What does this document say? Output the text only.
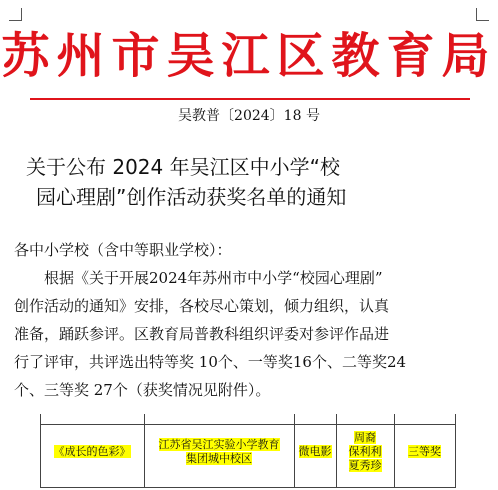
苏州市吴江区教育局
吴教普〔2024〕18 号
关于公布 2024 年吴江区中小学“校
园心理剧”创作活动获奖名单的通知
各中小学校（含中等职业学校）：
根据《关于开展2024年苏州市中小学“校园心理剧”
创作活动的通知》安排，各校尽心策划，倾力组织，认真
准备，踊跃参评。区教育局普教科组织评委对参评作品进
行了评审，共评选出特等奖 10个、一等奖16个、二等奖24
个、三等奖 27个（获奖情况见附件）。
《成长的色彩》
江苏省吴江实验小学教育
集团城中校区
微电影
周裔
保利利
夏秀珍
三等奖
